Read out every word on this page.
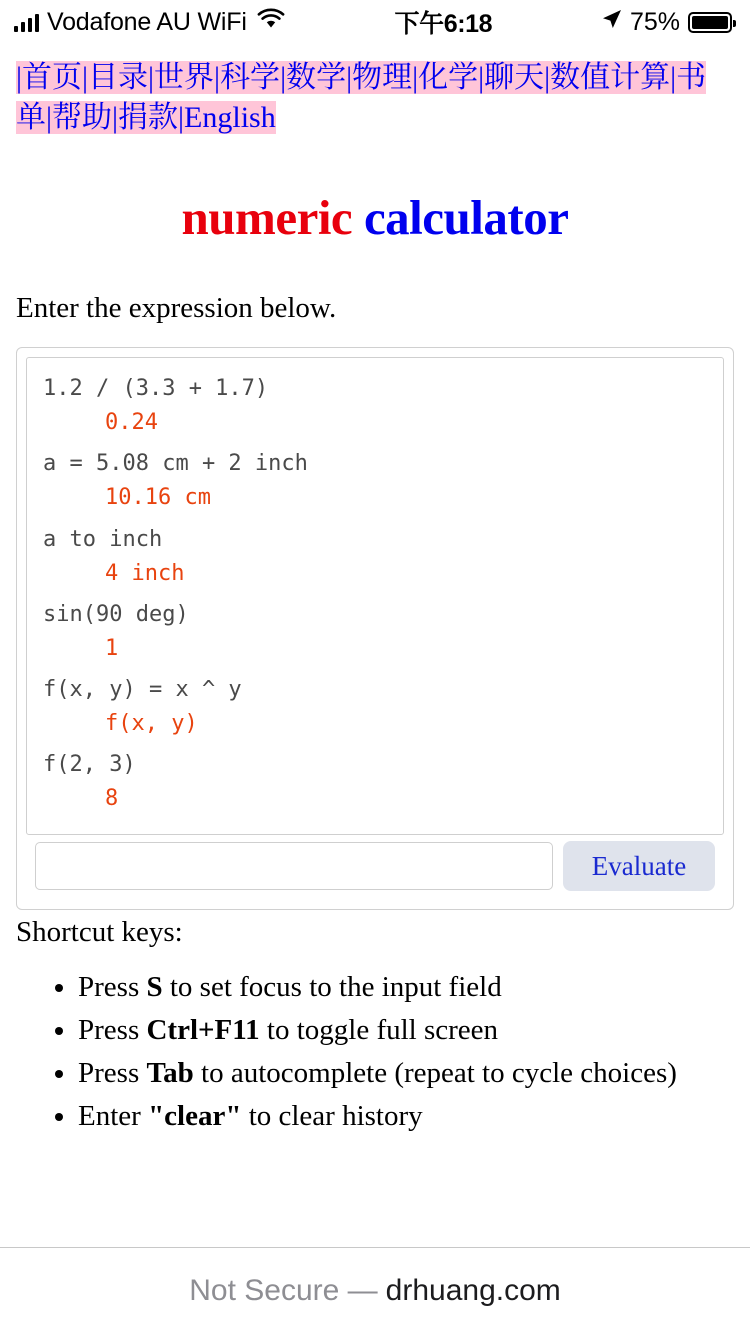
Vodafone AU WiFi	下午6:18	75%
|首页|目录|世界|科学|数学|物理|化学|聊天|数值计算|书单|帮助|捐款|English
numeric calculator

Enter the expression below.

1.2 / (3.3 + 1.7)
0.24
a = 5.08 cm + 2 inch
10.16 cm
a to inch
4 inch
sin(90 deg)
1
f(x, y) = x ^ y
f(x, y)
f(2, 3)
8
Evaluate

Shortcut keys:

• Press S to set focus to the input field
• Press Ctrl+F11 to toggle full screen
• Press Tab to autocomplete (repeat to cycle choices)
• Enter "clear" to clear history
Not Secure — drhuang.com
